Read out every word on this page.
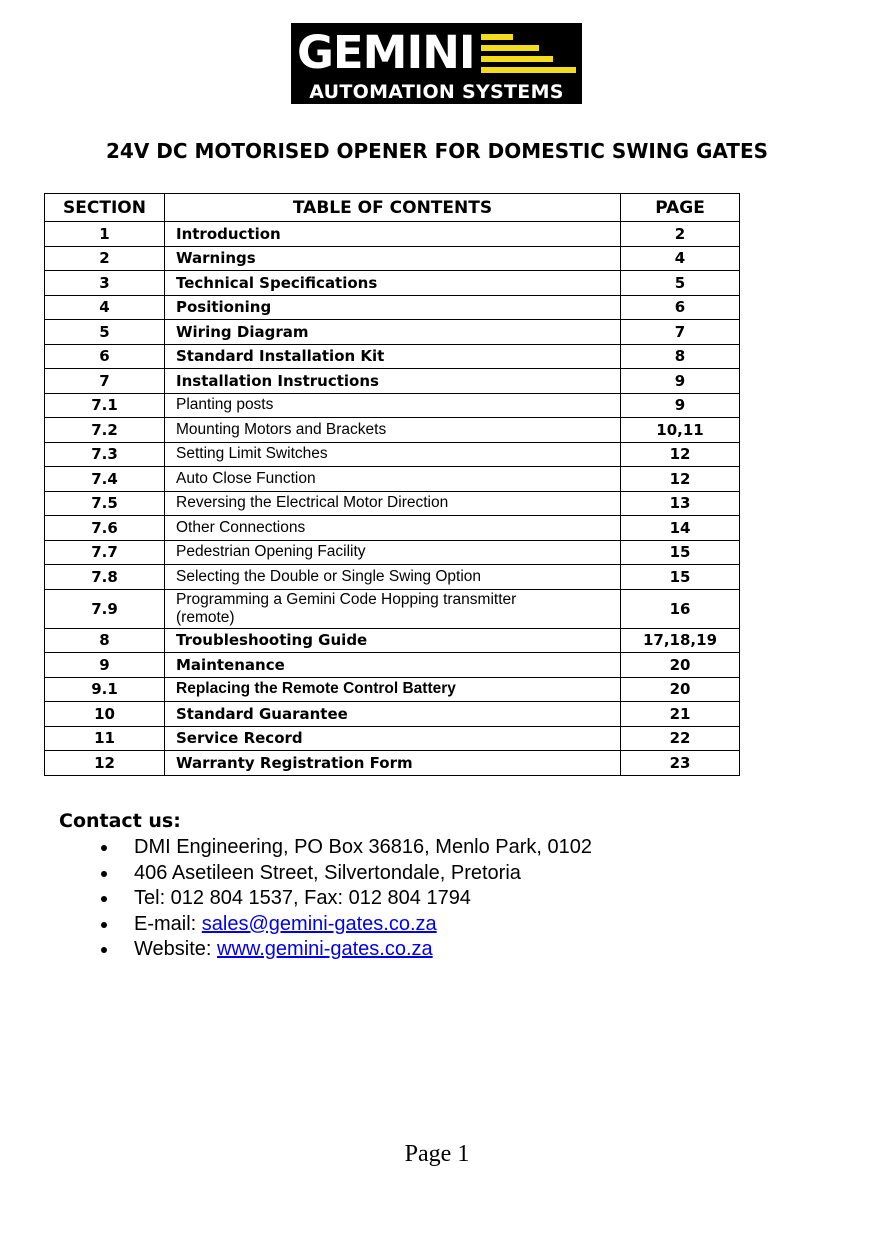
GEMINI
AUTOMATION SYSTEMS
24V DC MOTORISED OPENER FOR DOMESTIC SWING GATES
SECTION	TABLE OF CONTENTS	PAGE
1	Introduction	2
2	Warnings	4
3	Technical Specifications	5
4	Positioning	6
5	Wiring Diagram	7
6	Standard Installation Kit	8
7	Installation Instructions	9
7.1	Planting posts	9
7.2	Mounting Motors and Brackets	10,11
7.3	Setting Limit Switches	12
7.4	Auto Close Function	12
7.5	Reversing the Electrical Motor Direction	13
7.6	Other Connections	14
7.7	Pedestrian Opening Facility	15
7.8	Selecting the Double or Single Swing Option	15
7.9	Programming a Gemini Code Hopping transmitter (remote)	16
8	Troubleshooting Guide	17,18,19
9	Maintenance	20
9.1	Replacing the Remote Control Battery	20
10	Standard Guarantee	21
11	Service Record	22
12	Warranty Registration Form	23
Contact us:
DMI Engineering, PO Box 36816, Menlo Park, 0102
406 Asetileen Street, Silvertondale, Pretoria
Tel: 012 804 1537, Fax: 012 804 1794
E-mail: sales@gemini-gates.co.za
Website: www.gemini-gates.co.za
Page 1
